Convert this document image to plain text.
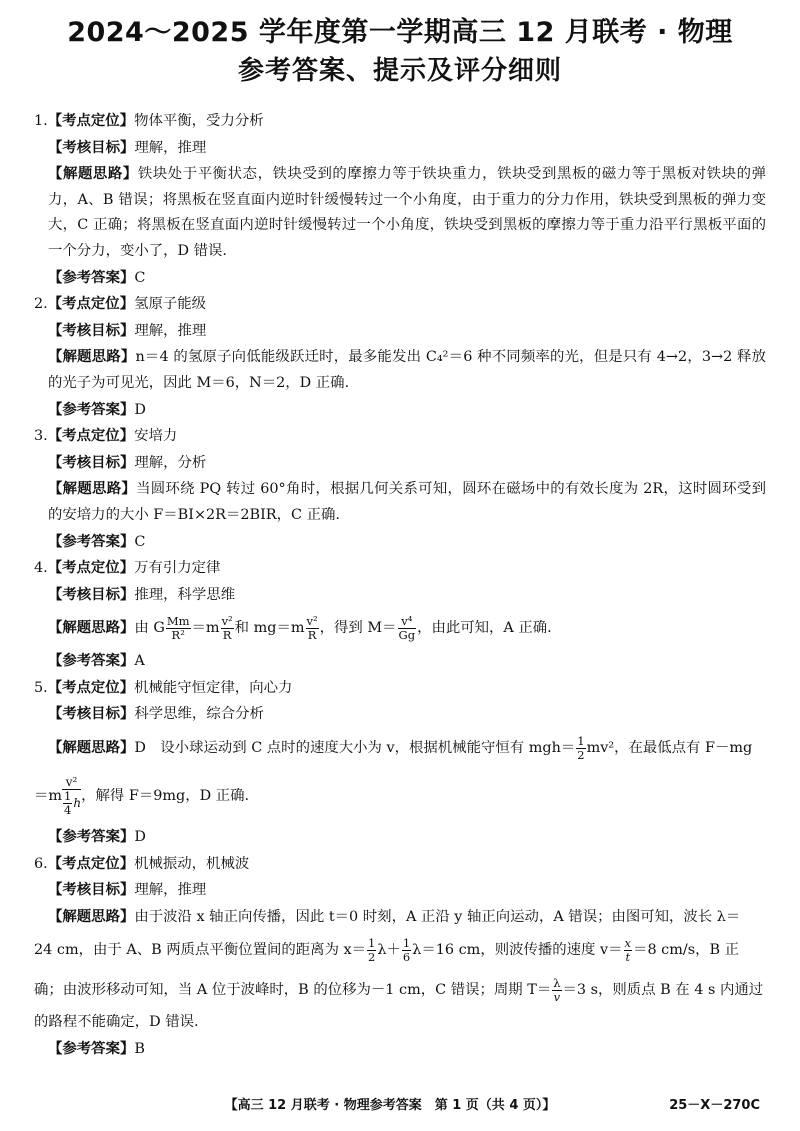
2024～2025 学年度第一学期高三 12 月联考 · 物理
参考答案、提示及评分细则
1.【考点定位】物体平衡，受力分析
【考核目标】理解，推理
【解题思路】铁块处于平衡状态，铁块受到的摩擦力等于铁块重力，铁块受到黑板的磁力等于黑板对铁块的弹力，A、B 错误；将黑板在竖直面内逆时针缓慢转过一个小角度，由于重力的分力作用，铁块受到黑板的弹力变大，C 正确；将黑板在竖直面内逆时针缓慢转过一个小角度，铁块受到黑板的摩擦力等于重力沿平行黑板平面的一个分力，变小了，D 错误.
【参考答案】C
2.【考点定位】氢原子能级
【考核目标】理解，推理
【解题思路】n＝4 的氢原子向低能级跃迁时，最多能发出 C₄²＝6 种不同频率的光，但是只有 4→2，3→2 释放的光子为可见光，因此 M＝6，N＝2，D 正确.
【参考答案】D
3.【考点定位】安培力
【考核目标】理解，分析
【解题思路】当圆环绕 PQ 转过 60°角时，根据几何关系可知，圆环在磁场中的有效长度为 2R，这时圆环受到的安培力的大小 F＝BI×2R＝2BIR，C 正确.
【参考答案】C
4.【考点定位】万有引力定律
【考核目标】推理，科学思维
【解题思路】由 G $\frac{Mm}{\text{R²}} =m \frac{\text{v²}}{R}$ 和 $mg=m \frac{\text{v²}}{R}$ ，得到 $M= \frac{\text{v⁴}}{Gg}$ ，由此可知，A 正确.
【参考答案】A
5.【考点定位】机械能守恒定律，向心力
【考核目标】科学思维，综合分析
【解题思路】D　设小球运动到 C 点时的速度大小为 v，根据机械能守恒有 $mgh= \frac{1}{2} mv^2$，在最低点有 F－mg
$=m \frac{\text{v²}}{\frac{1}{4} h}$ ，解得 F＝9mg，D 正确.
【参考答案】D
6.【考点定位】机械振动，机械波
【考核目标】理解，推理
【解题思路】由于波沿 x 轴正向传播，因此 t＝0 时刻，A 正沿 y 轴正向运动，A 错误；由图可知，波长 λ＝
24 cm，由于 A、B 两质点平衡位置间的距离为 $x= \frac{1}{2} \lambda+ \frac{1}{6} \lambda=16$ cm，则波传播的速度 $v= \frac{x}{t} =8$ cm/s，B 正
确；由波形移动可知，当 A 位于波峰时，B 的位移为－1 cm，C 错误；周期 $T= \frac{\lambda}{v} =3$ s，则质点 B 在 4 s 内通过
的路程不能确定，D 错误.
【参考答案】B
【高三 12 月联考 · 物理参考答案　第 1 页（共 4 页）】	25－X－270C
